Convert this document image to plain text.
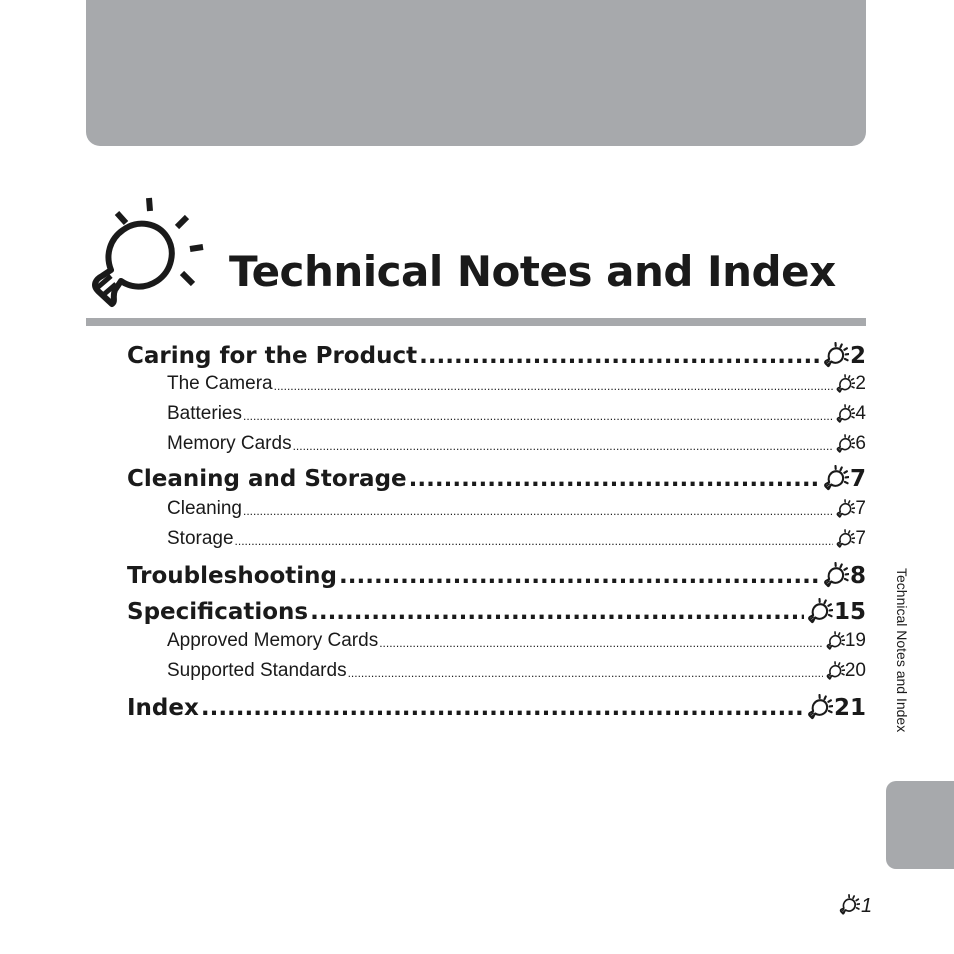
Technical Notes and Index
Caring for the Product .....	2
The Camera .....	2
Batteries .....	4
Memory Cards .....	6
Cleaning and Storage .....	7
Cleaning .....	7
Storage .....	7
Troubleshooting .....	8
Specifications .....	15
Approved Memory Cards .....	19
Supported Standards .....	20
Index .....	21 Technical Notes and Index
1
